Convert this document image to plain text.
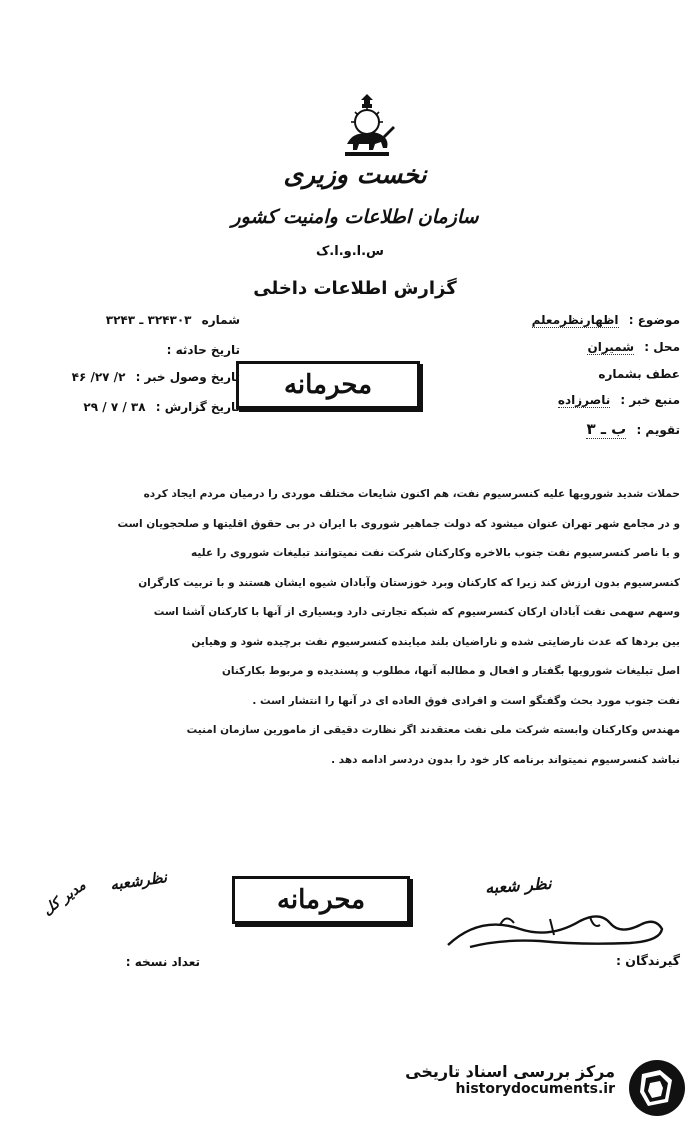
نخست وزیری
سازمان اطلاعات وامنیت کشور
س.ا.و.ا.ک
گزارش اطلاعات داخلی
شماره ۳۲۴۳۰۳ ـ ۳۲۴۳
تاریخ حادثه :
تاریخ وصول خبر : ۲/ ۲۷/ ۴۶
تاریخ گزارش : ۳۸ / ۷ / ۲۹
موضوع : اظهارنظرمعلم
محل : شمیران
عطف بشماره
منبع خبر : ناصرزاده
تقویم : ب ـ ۳
محرمانه
حملات شدید شورویها علیه کنسرسیوم نفت، هم اکنون شایعات مختلف موردی را درمیان مردم ایجاد کرده
و در مجامع شهر تهران عنوان میشود که دولت جماهیر شوروی با ایران در بی حقوق اقلیتها و صلحجویان است
و با ناصر کنسرسیوم نفت جنوب بالاخره وکارکنان شرکت نفت نمیتوانند تبلیغات شوروی را علیه
کنسرسیوم بدون ارزش کند زیرا که کارکنان وبرد خوزستان وآبادان شیوه ایشان هستند و با تربیت کارگران
وسهم سهمی نفت آبادان ارکان کنسرسیوم که شبکه تجارتی دارد وبسیاری از آنها با کارکنان آشنا است
بین بردها که عدت نارضایتی شده و ناراضیان بلند میاینده کنسرسیوم نفت برچیده شود و وهیاین
اصل تبلیغات شورویها بگفتار و افعال و مطالبه آنها، مطلوب و پسندیده و مربوط بکارکنان
نفت جنوب مورد بحث وگفتگو است و افرادی فوق العاده ای در آنها را انتشار است .
مهندس وکارکنان وابسته شرکت ملی نفت معتقدند اگر نظارت دقیقی از مامورین سازمان امنیت
نباشد کنسرسیوم نمیتواند برنامه کار خود را بدون دردسر ادامه دهد .
محرمانه
نظرشعبه
مدیر کل	نظر شعبه
گیرندگان :
تعداد نسخه :
مرکز بررسی اسناد تاریخی
historydocuments.ir
